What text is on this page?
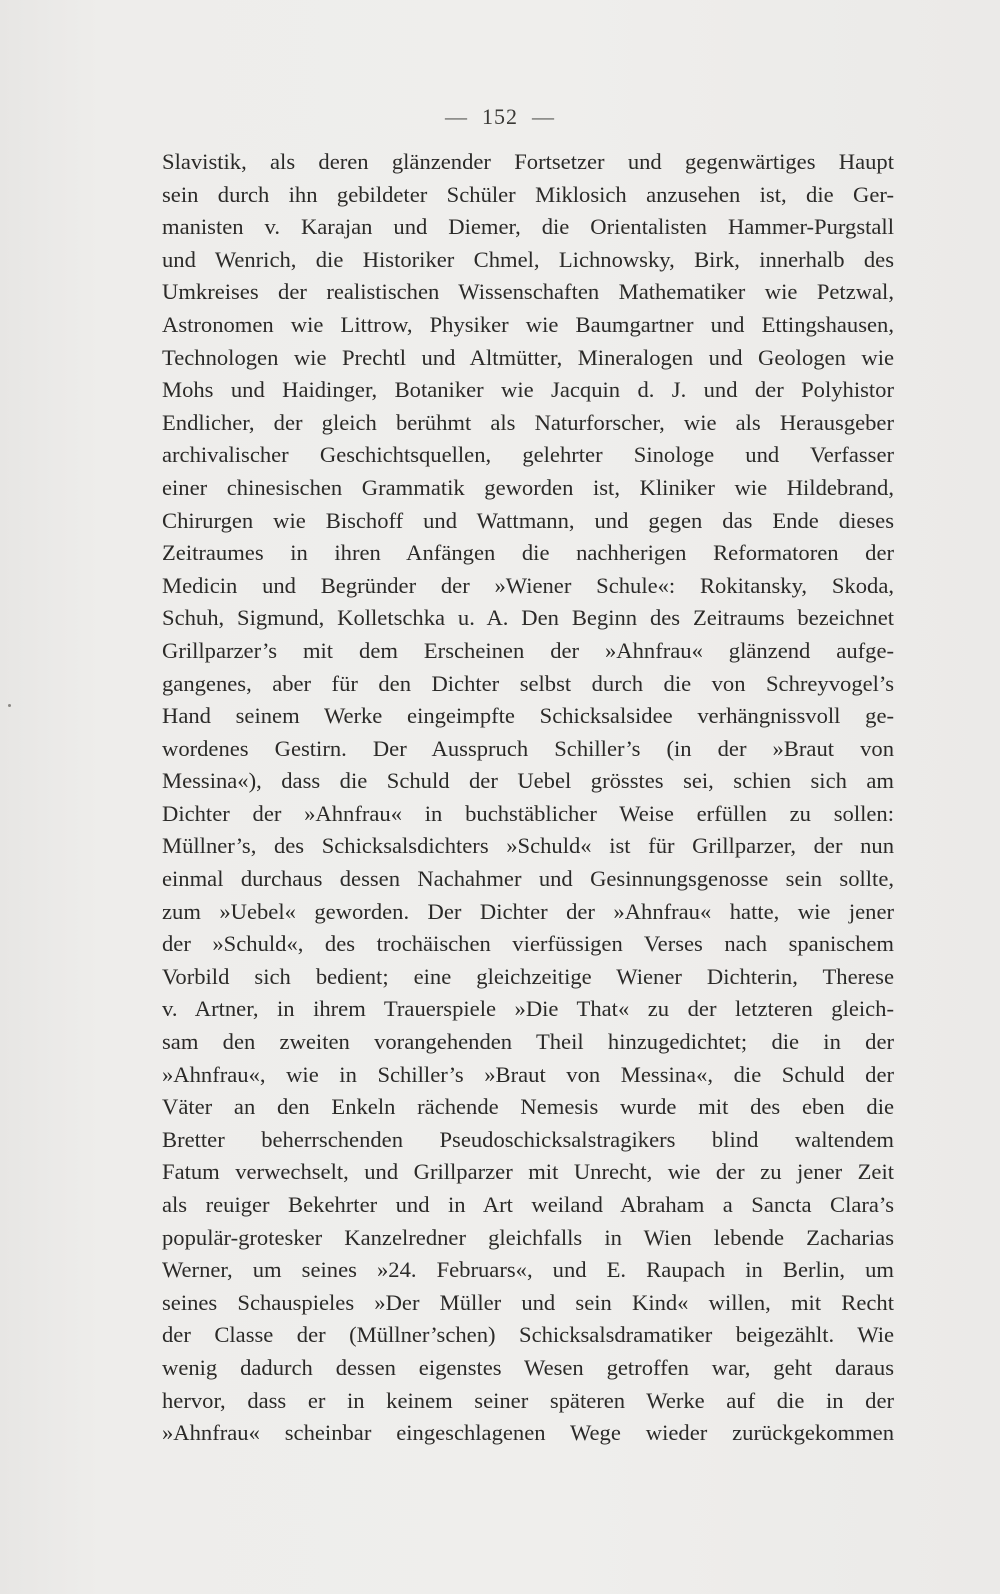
— 152 —
Slavistik, als deren glänzender Fortsetzer und gegenwärtiges Haupt
sein durch ihn gebildeter Schüler Miklosich anzusehen ist, die Ger-
manisten v. Karajan und Diemer, die Orientalisten Hammer-Purgstall
und Wenrich, die Historiker Chmel, Lichnowsky, Birk, innerhalb des
Umkreises der realistischen Wissenschaften Mathematiker wie Petzwal,
Astronomen wie Littrow, Physiker wie Baumgartner und Ettingshausen,
Technologen wie Prechtl und Altmütter, Mineralogen und Geologen wie
Mohs und Haidinger, Botaniker wie Jacquin d. J. und der Polyhistor
Endlicher, der gleich berühmt als Naturforscher, wie als Herausgeber
archivalischer Geschichtsquellen, gelehrter Sinologe und Verfasser
einer chinesischen Grammatik geworden ist, Kliniker wie Hildebrand,
Chirurgen wie Bischoff und Wattmann, und gegen das Ende dieses
Zeitraumes in ihren Anfängen die nachherigen Reformatoren der
Medicin und Begründer der »Wiener Schule«: Rokitansky, Skoda,
Schuh, Sigmund, Kolletschka u. A. Den Beginn des Zeitraums bezeichnet
Grillparzer’s mit dem Erscheinen der »Ahnfrau« glänzend aufge-
gangenes, aber für den Dichter selbst durch die von Schreyvogel’s
Hand seinem Werke eingeimpfte Schicksalsidee verhängnissvoll ge-
wordenes Gestirn. Der Ausspruch Schiller’s (in der »Braut von
Messina«), dass die Schuld der Uebel grösstes sei, schien sich am
Dichter der »Ahnfrau« in buchstäblicher Weise erfüllen zu sollen:
Müllner’s, des Schicksalsdichters »Schuld« ist für Grillparzer, der nun
einmal durchaus dessen Nachahmer und Gesinnungsgenosse sein sollte,
zum »Uebel« geworden. Der Dichter der »Ahnfrau« hatte, wie jener
der »Schuld«, des trochäischen vierfüssigen Verses nach spanischem
Vorbild sich bedient; eine gleichzeitige Wiener Dichterin, Therese
v. Artner, in ihrem Trauerspiele »Die That« zu der letzteren gleich-
sam den zweiten vorangehenden Theil hinzugedichtet; die in der
»Ahnfrau«, wie in Schiller’s »Braut von Messina«, die Schuld der
Väter an den Enkeln rächende Nemesis wurde mit des eben die
Bretter beherrschenden Pseudoschicksalstragikers blind waltendem
Fatum verwechselt, und Grillparzer mit Unrecht, wie der zu jener Zeit
als reuiger Bekehrter und in Art weiland Abraham a Sancta Clara’s
populär-grotesker Kanzelredner gleichfalls in Wien lebende Zacharias
Werner, um seines »24. Februars«, und E. Raupach in Berlin, um
seines Schauspieles »Der Müller und sein Kind« willen, mit Recht
der Classe der (Müllner’schen) Schicksalsdramatiker beigezählt. Wie
wenig dadurch dessen eigenstes Wesen getroffen war, geht daraus
hervor, dass er in keinem seiner späteren Werke auf die in der
»Ahnfrau« scheinbar eingeschlagenen Wege wieder zurückgekommen
